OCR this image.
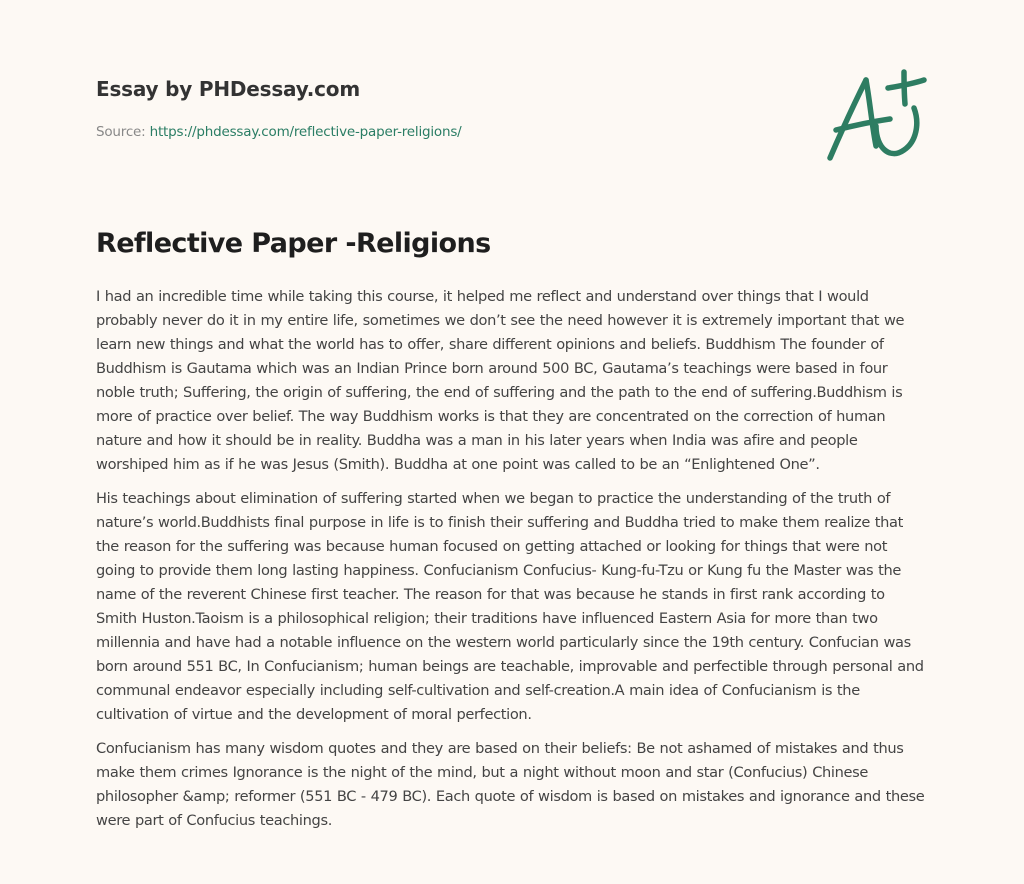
Essay by PHDessay.com
Source: https://phdessay.com/reflective-paper-religions/
Reflective Paper -Religions

I had an incredible time while taking this course, it helped me reflect and understand over things that I would probably never do it in my entire life, sometimes we don’t see the need however it is extremely important that we learn new things and what the world has to offer, share different opinions and beliefs. Buddhism The founder of Buddhism is Gautama which was an Indian Prince born around 500 BC, Gautama’s teachings were based in four noble truth; Suffering, the origin of suffering, the end of suffering and the path to the end of suffering.Buddhism is more of practice over belief. The way Buddhism works is that they are concentrated on the correction of human nature and how it should be in reality. Buddha was a man in his later years when India was afire and people worshiped him as if he was Jesus (Smith). Buddha at one point was called to be an “Enlightened One”.

His teachings about elimination of suffering started when we began to practice the understanding of the truth of nature’s world.Buddhists final purpose in life is to finish their suffering and Buddha tried to make them realize that the reason for the suffering was because human focused on getting attached or looking for things that were not going to provide them long lasting happiness. Confucianism Confucius- Kung-fu-Tzu or Kung fu the Master was the name of the reverent Chinese first teacher. The reason for that was because he stands in first rank according to Smith Huston.Taoism is a philosophical religion; their traditions have influenced Eastern Asia for more than two millennia and have had a notable influence on the western world particularly since the 19th century. Confucian was born around 551 BC, In Confucianism; human beings are teachable, improvable and perfectible through personal and communal endeavor especially including self-cultivation and self-creation.A main idea of Confucianism is the cultivation of virtue and the development of moral perfection.

Confucianism has many wisdom quotes and they are based on their beliefs: Be not ashamed of mistakes and thus make them crimes Ignorance is the night of the mind, but a night without moon and star (Confucius) Chinese philosopher &amp; reformer (551 BC - 479 BC). Each quote of wisdom is based on mistakes and ignorance and these were part of Confucius teachings.
